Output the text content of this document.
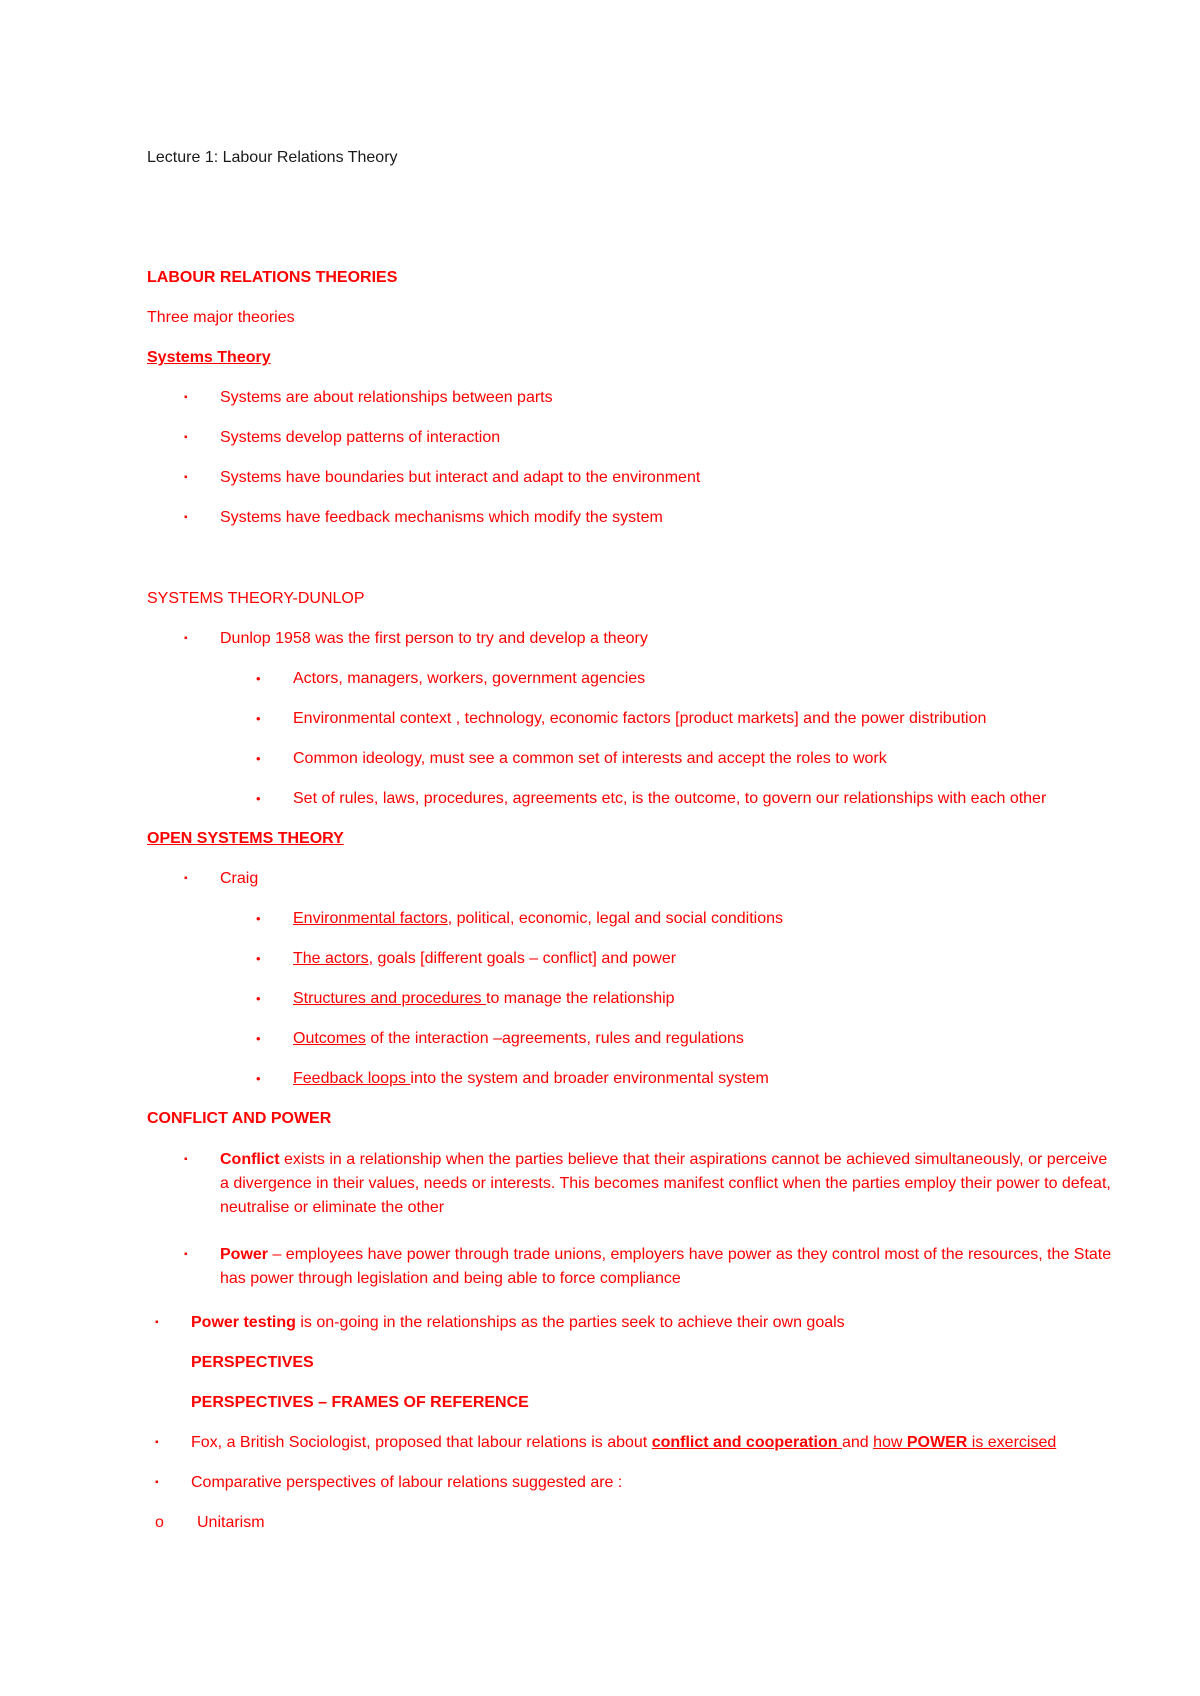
Lecture 1: Labour Relations Theory
LABOUR RELATIONS THEORIES
Three major theories
Systems Theory
▪ Systems are about relationships between parts
▪ Systems develop patterns of interaction
▪ Systems have boundaries but interact and adapt to the environment
▪ Systems have feedback mechanisms which modify the system
SYSTEMS THEORY-DUNLOP
▪ Dunlop 1958 was the first person to try and develop a theory
• Actors, managers, workers, government agencies
• Environmental context , technology, economic factors [product markets] and the power distribution
• Common ideology, must see a common set of interests and accept the roles to work
• Set of rules, laws, procedures, agreements etc, is the outcome, to govern our relationships with each other
OPEN SYSTEMS THEORY
▪ Craig
• Environmental factors, political, economic, legal and social conditions
• The actors, goals [different goals – conflict] and power
• Structures and procedures to manage the relationship
• Outcomes of the interaction –agreements, rules and regulations
• Feedback loops into the system and broader environmental system
CONFLICT AND POWER
▪ Conflict exists in a relationship when the parties believe that their aspirations cannot be achieved simultaneously, or perceive a divergence in their values, needs or interests. This becomes manifest conflict when the parties employ their power to defeat, neutralise or eliminate the other
▪ Power – employees have power through trade unions, employers have power as they control most of the resources, the State has power through legislation and being able to force compliance
▪ Power testing is on-going in the relationships as the parties seek to achieve their own goals
PERSPECTIVES
PERSPECTIVES – FRAMES OF REFERENCE
▪ Fox, a British Sociologist, proposed that labour relations is about conflict and cooperation and how POWER is exercised
▪ Comparative perspectives of labour relations suggested are :
o Unitarism
